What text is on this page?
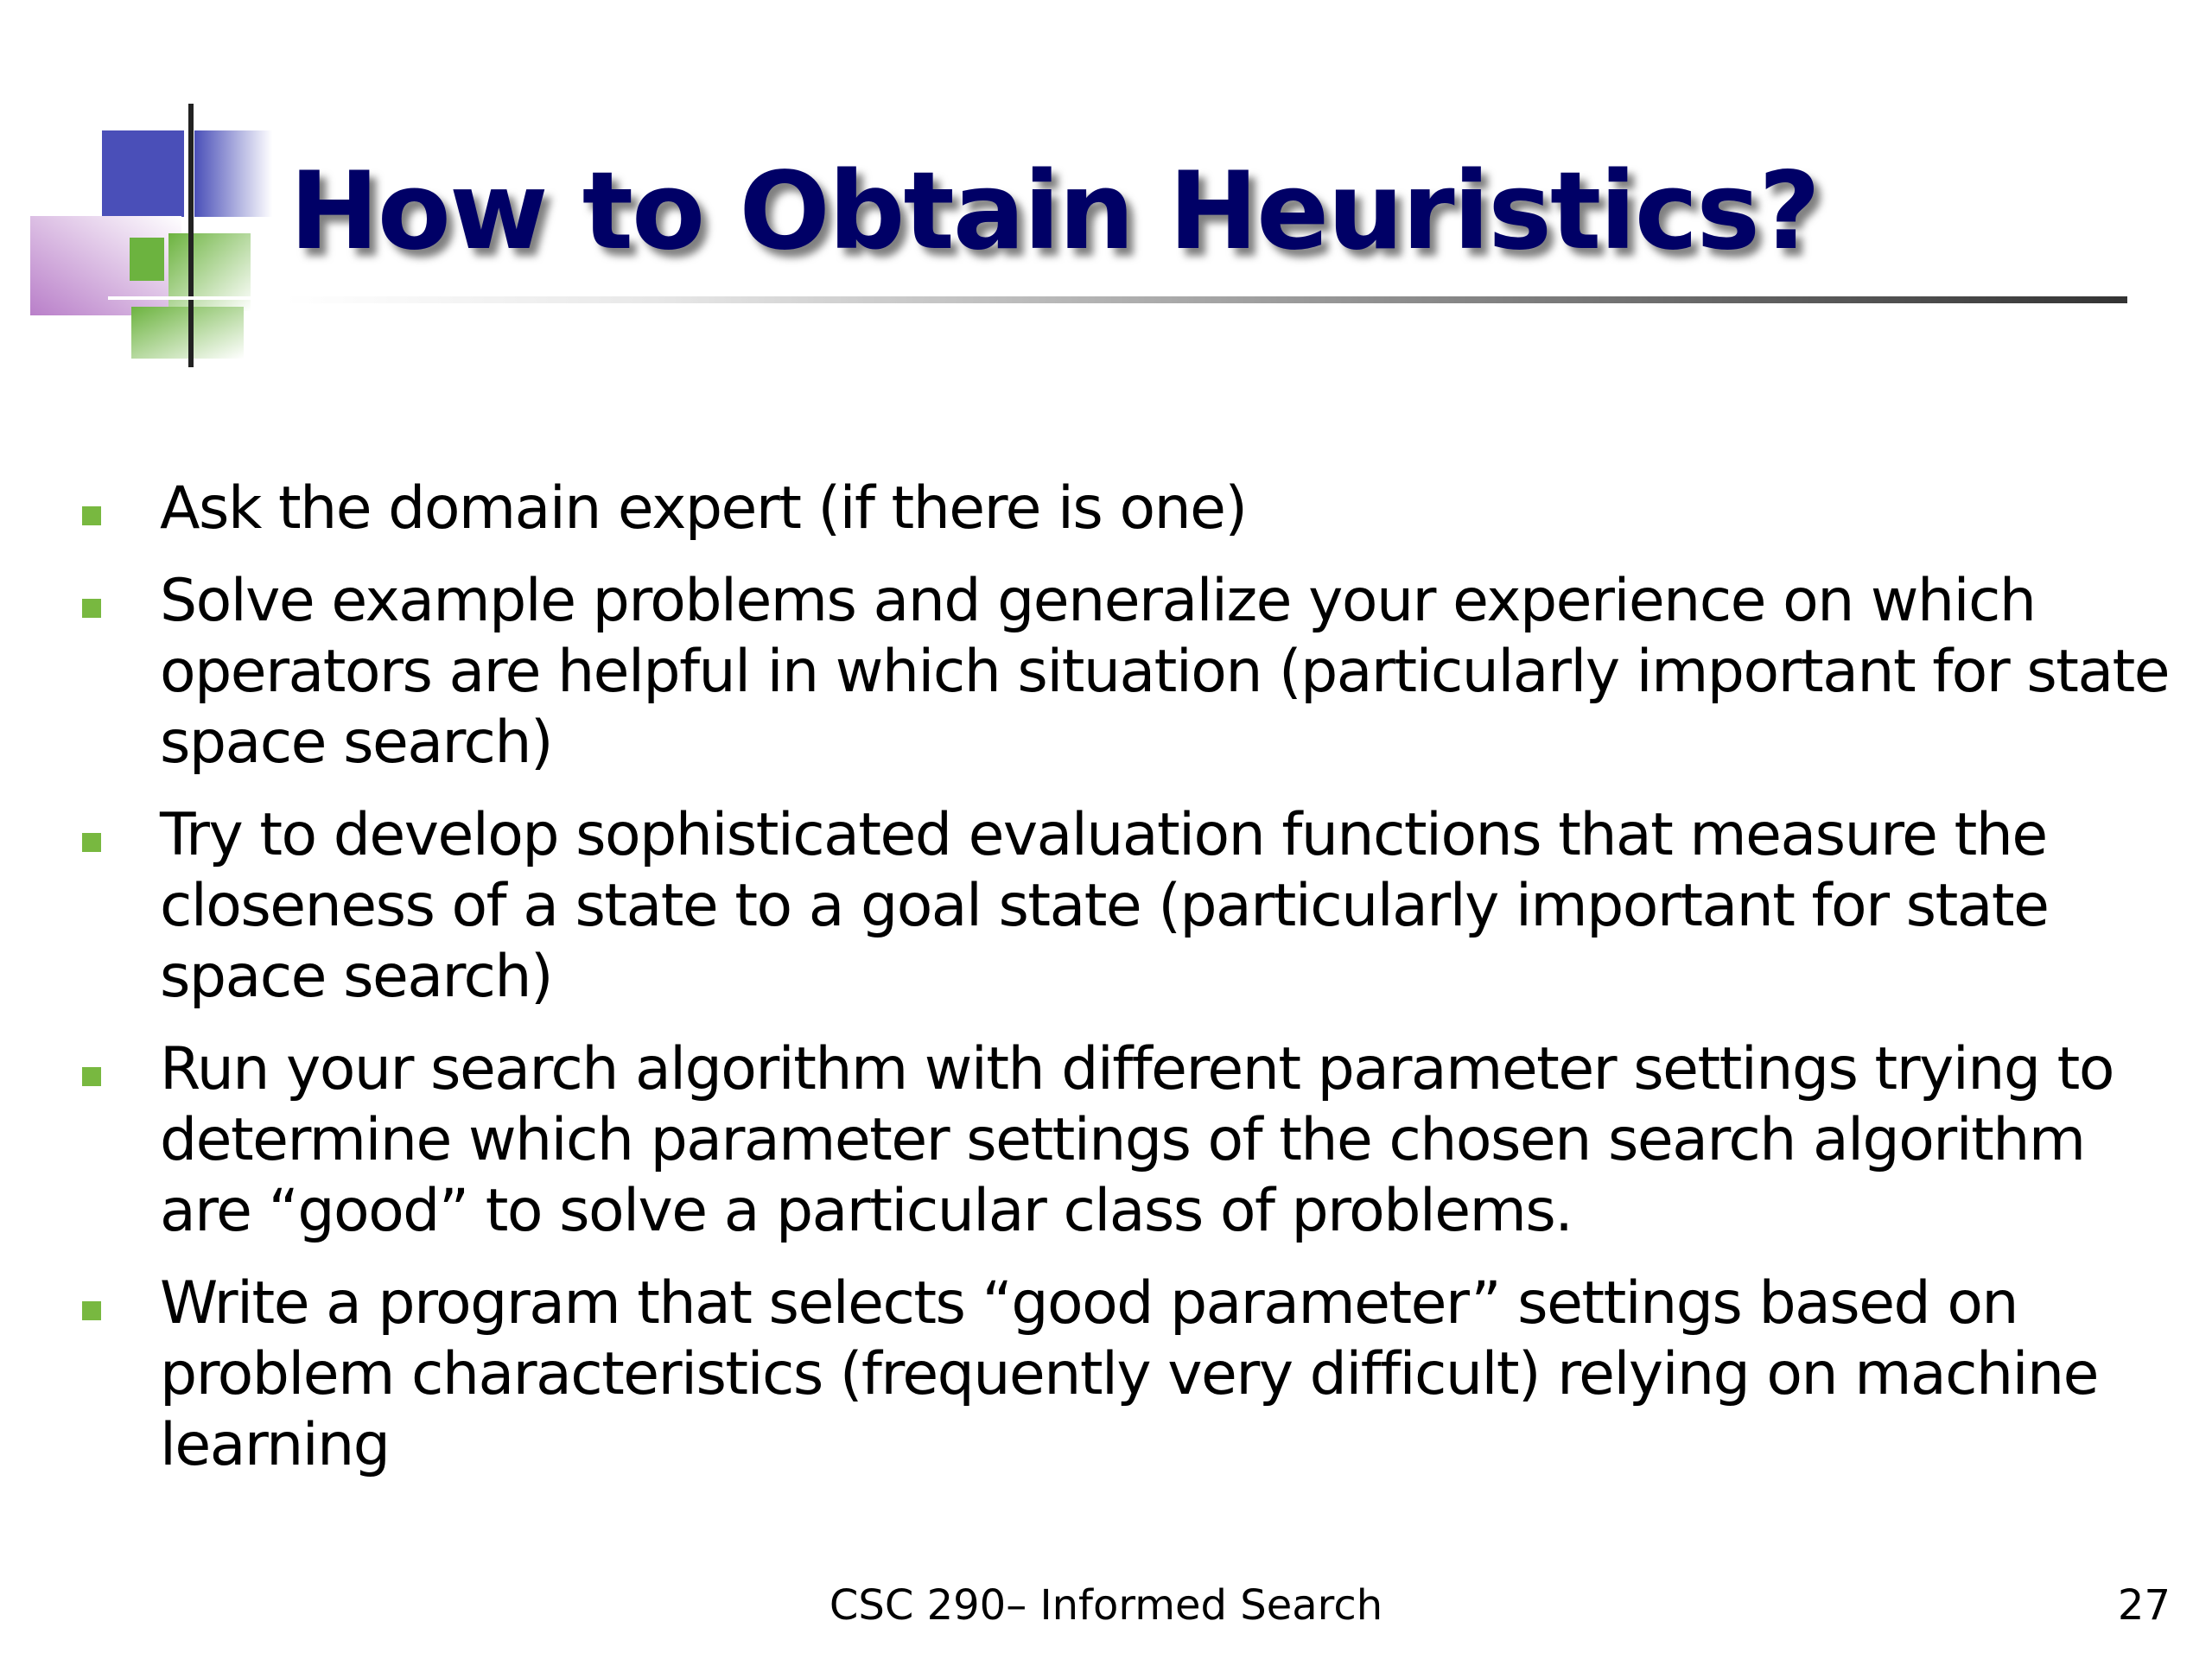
How to Obtain Heuristics?
Ask the domain expert (if there is one)
Solve example problems and generalize your experience on which operators are helpful in which situation (particularly important for state space search)
Try to develop sophisticated evaluation functions that measure the closeness of a state to a goal state (particularly important for state space search)
Run your search algorithm with different parameter settings trying to determine which parameter settings of the chosen search algorithm are “good” to solve a particular class of problems.
Write a program that selects “good parameter” settings based on problem characteristics (frequently very difficult) relying on machine learning
CSC 290– Informed Search	27
